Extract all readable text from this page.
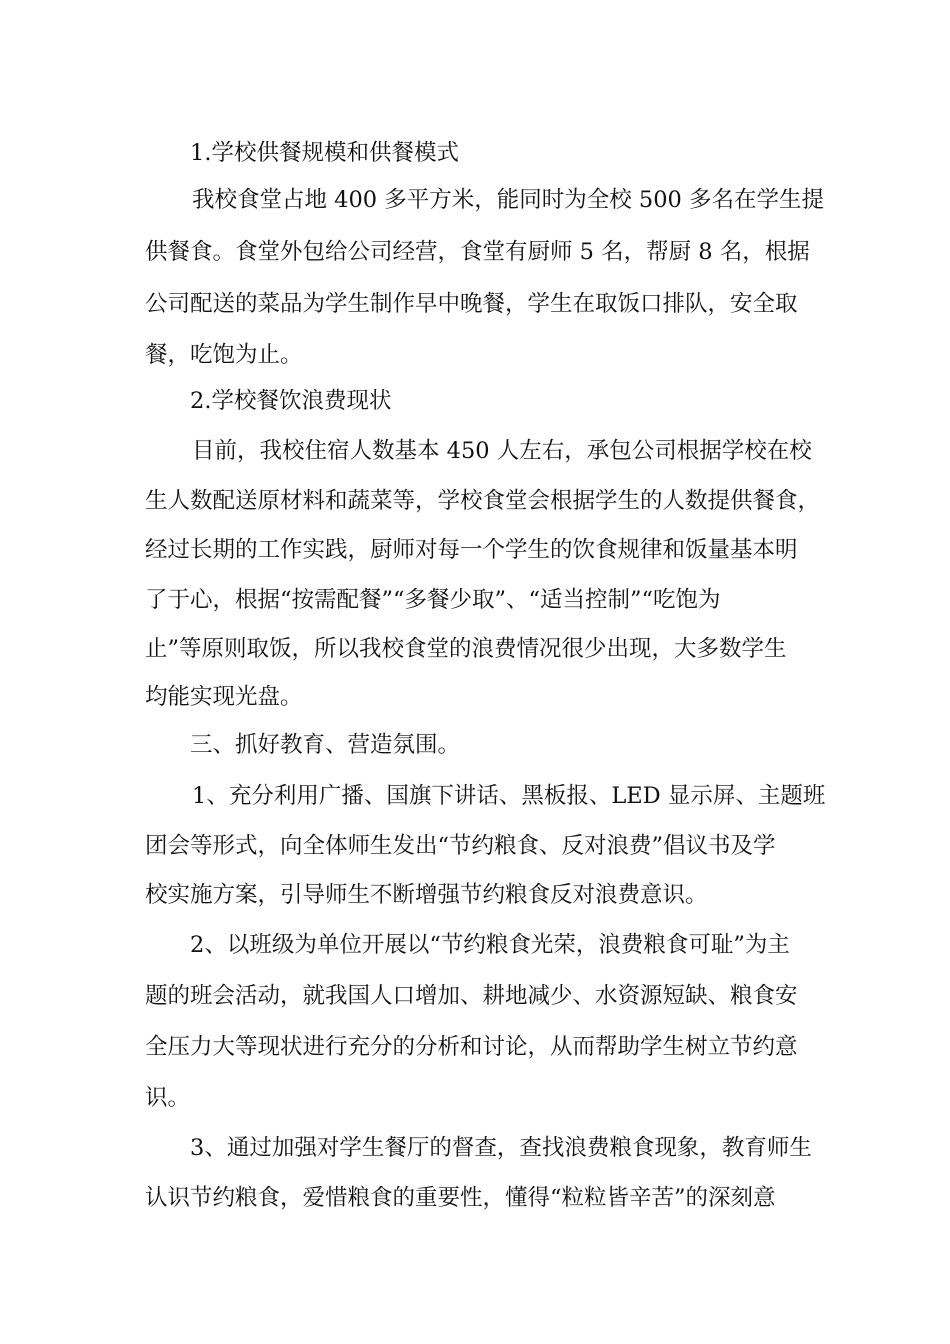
1.学校供餐规模和供餐模式

我校食堂占地 400 多平方米，能同时为全校 500 多名在学生提

供餐食。食堂外包给公司经营，食堂有厨师 5 名，帮厨 8 名，根据

公司配送的菜品为学生制作早中晚餐，学生在取饭口排队，安全取

餐，吃饱为止。

2.学校餐饮浪费现状

目前，我校住宿人数基本 450 人左右，承包公司根据学校在校

生人数配送原材料和蔬菜等，学校食堂会根据学生的人数提供餐食，

经过长期的工作实践，厨师对每一个学生的饮食规律和饭量基本明

了于心，根据“按需配餐”“多餐少取”、“适当控制”“吃饱为

止”等原则取饭，所以我校食堂的浪费情况很少出现，大多数学生

均能实现光盘。

三、抓好教育、营造氛围。

1、充分利用广播、国旗下讲话、黑板报、LED 显示屏、主题班

团会等形式，向全体师生发出“节约粮食、反对浪费”倡议书及学

校实施方案，引导师生不断增强节约粮食反对浪费意识。

2、以班级为单位开展以“节约粮食光荣，浪费粮食可耻”为主

题的班会活动，就我国人口增加、耕地减少、水资源短缺、粮食安

全压力大等现状进行充分的分析和讨论，从而帮助学生树立节约意

识。

3、通过加强对学生餐厅的督查，查找浪费粮食现象，教育师生

认识节约粮食，爱惜粮食的重要性，懂得“粒粒皆辛苦”的深刻意
